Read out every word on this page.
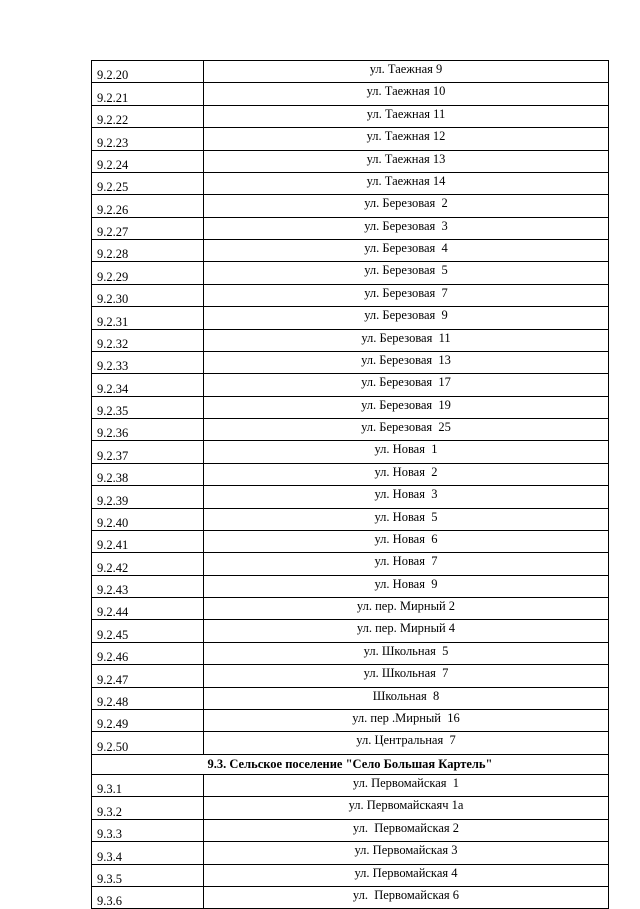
9.2.20	ул. Таежная 9
9.2.21	ул. Таежная 10
9.2.22	ул. Таежная 11
9.2.23	ул. Таежная 12
9.2.24	ул. Таежная 13
9.2.25	ул. Таежная 14
9.2.26	ул. Березовая  2
9.2.27	ул. Березовая  3
9.2.28	ул. Березовая  4
9.2.29	ул. Березовая  5
9.2.30	ул. Березовая  7
9.2.31	ул. Березовая  9
9.2.32	ул. Березовая  11
9.2.33	ул. Березовая  13
9.2.34	ул. Березовая  17
9.2.35	ул. Березовая  19
9.2.36	ул. Березовая  25
9.2.37	ул. Новая  1
9.2.38	ул. Новая  2
9.2.39	ул. Новая  3
9.2.40	ул. Новая  5
9.2.41	ул. Новая  6
9.2.42	ул. Новая  7
9.2.43	ул. Новая  9
9.2.44	ул. пер. Мирный 2
9.2.45	ул. пер. Мирный 4
9.2.46	ул. Школьная  5
9.2.47	ул. Школьная  7
9.2.48	Школьная  8
9.2.49	ул. пер .Мирный  16
9.2.50	ул. Центральная  7
9.3. Сельское поселение "Село Большая Картель"	
9.3.1	ул. Первомайская  1
9.3.2	ул. Первомайскаяч 1а
9.3.3	ул.  Первомайская 2
9.3.4	ул. Первомайская 3
9.3.5	ул. Первомайская 4
9.3.6	ул.  Первомайская 6
